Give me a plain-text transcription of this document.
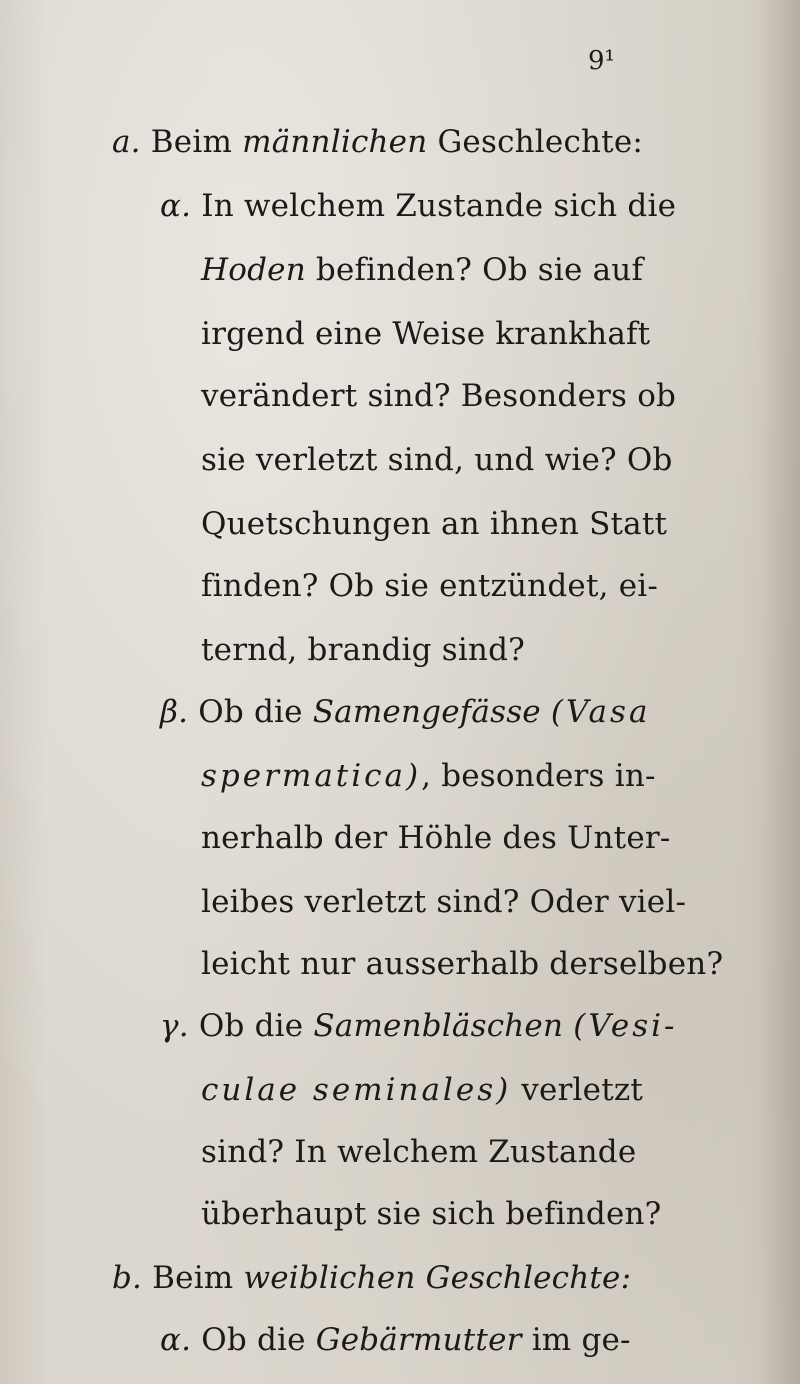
9¹
a. Beim männlichen Geschlechte:
α. In welchem Zustande sich die
Hoden befinden? Ob sie auf
irgend eine Weise krankhaft
verändert sind? Besonders ob
sie verletzt sind, und wie? Ob
Quetschungen an ihnen Statt
finden? Ob sie entzündet, ei-
ternd, brandig sind?
β. Ob die Samengefässe (Vasa
spermatica), besonders in-
nerhalb der Höhle des Unter-
leibes verletzt sind? Oder viel-
leicht nur ausserhalb derselben?
γ. Ob die Samenbläschen (Vesi-
culae seminales) verletzt
sind? In welchem Zustande
überhaupt sie sich befinden?
b. Beim weiblichen Geschlechte:
α. Ob die Gebärmutter im ge-
